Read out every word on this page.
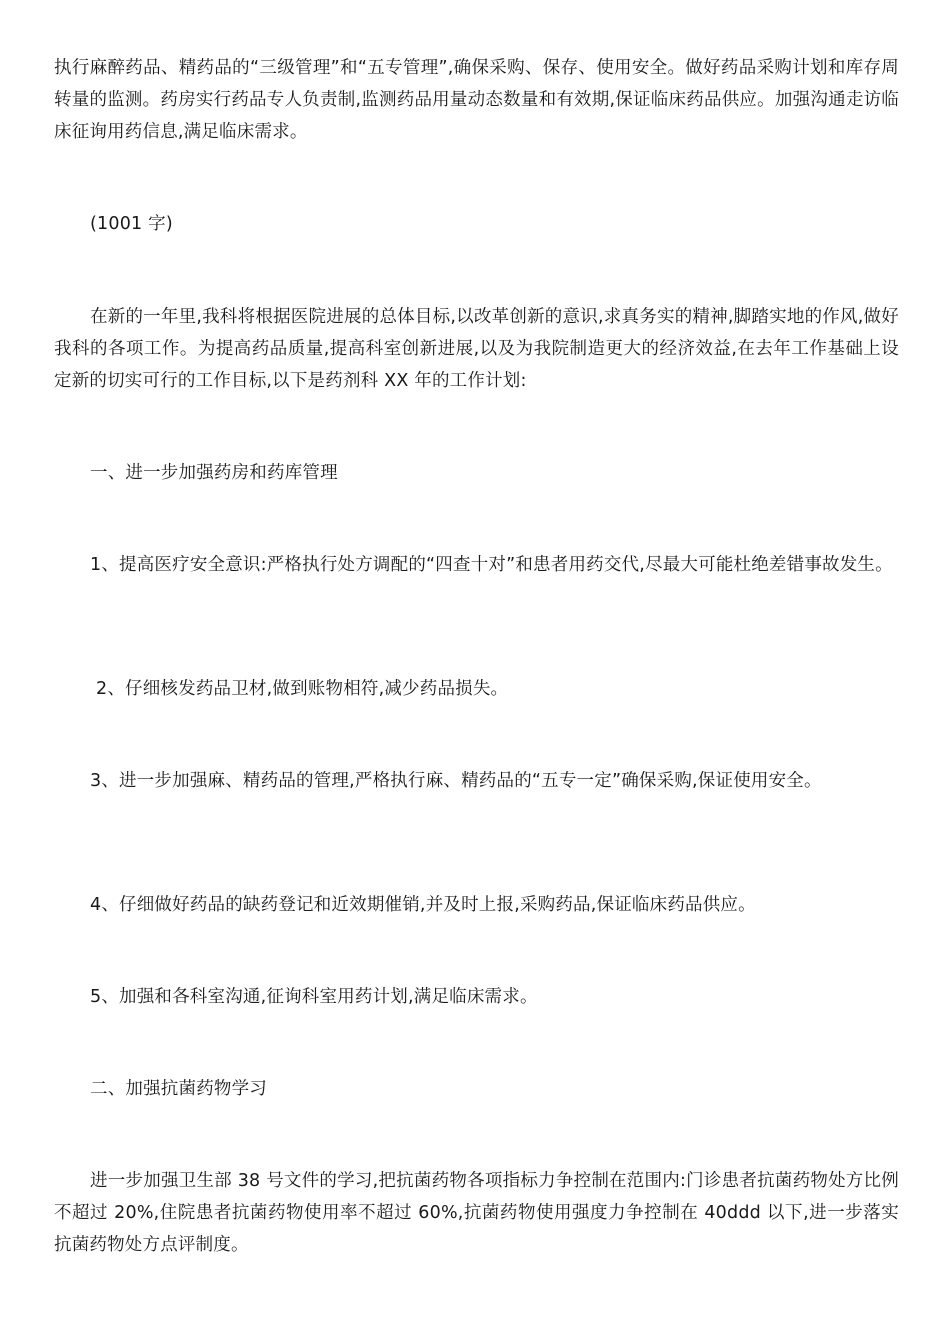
执行麻醉药品、精药品的“三级管理”和“五专管理”,确保采购、保存、使用安全。做好药品采购计划和库存周转量的监测。药房实行药品专人负责制,监测药品用量动态数量和有效期,保证临床药品供应。加强沟通走访临床征询用药信息,满足临床需求。

(1001 字)

在新的一年里,我科将根据医院进展的总体目标,以改革创新的意识,求真务实的精神,脚踏实地的作风,做好我科的各项工作。为提高药品质量,提高科室创新进展,以及为我院制造更大的经济效益,在去年工作基础上设定新的切实可行的工作目标,以下是药剂科 XX 年的工作计划:

一、进一步加强药房和药库管理

1、提高医疗安全意识:严格执行处方调配的“四查十对”和患者用药交代,尽最大可能杜绝差错事故发生。

2、仔细核发药品卫材,做到账物相符,减少药品损失。

3、进一步加强麻、精药品的管理,严格执行麻、精药品的“五专一定”确保采购,保证使用安全。

4、仔细做好药品的缺药登记和近效期催销,并及时上报,采购药品,保证临床药品供应。

5、加强和各科室沟通,征询科室用药计划,满足临床需求。

二、加强抗菌药物学习

进一步加强卫生部 38 号文件的学习,把抗菌药物各项指标力争控制在范围内:门诊患者抗菌药物处方比例不超过 20%,住院患者抗菌药物使用率不超过 60%,抗菌药物使用强度力争控制在 40ddd 以下,进一步落实抗菌药物处方点评制度。
